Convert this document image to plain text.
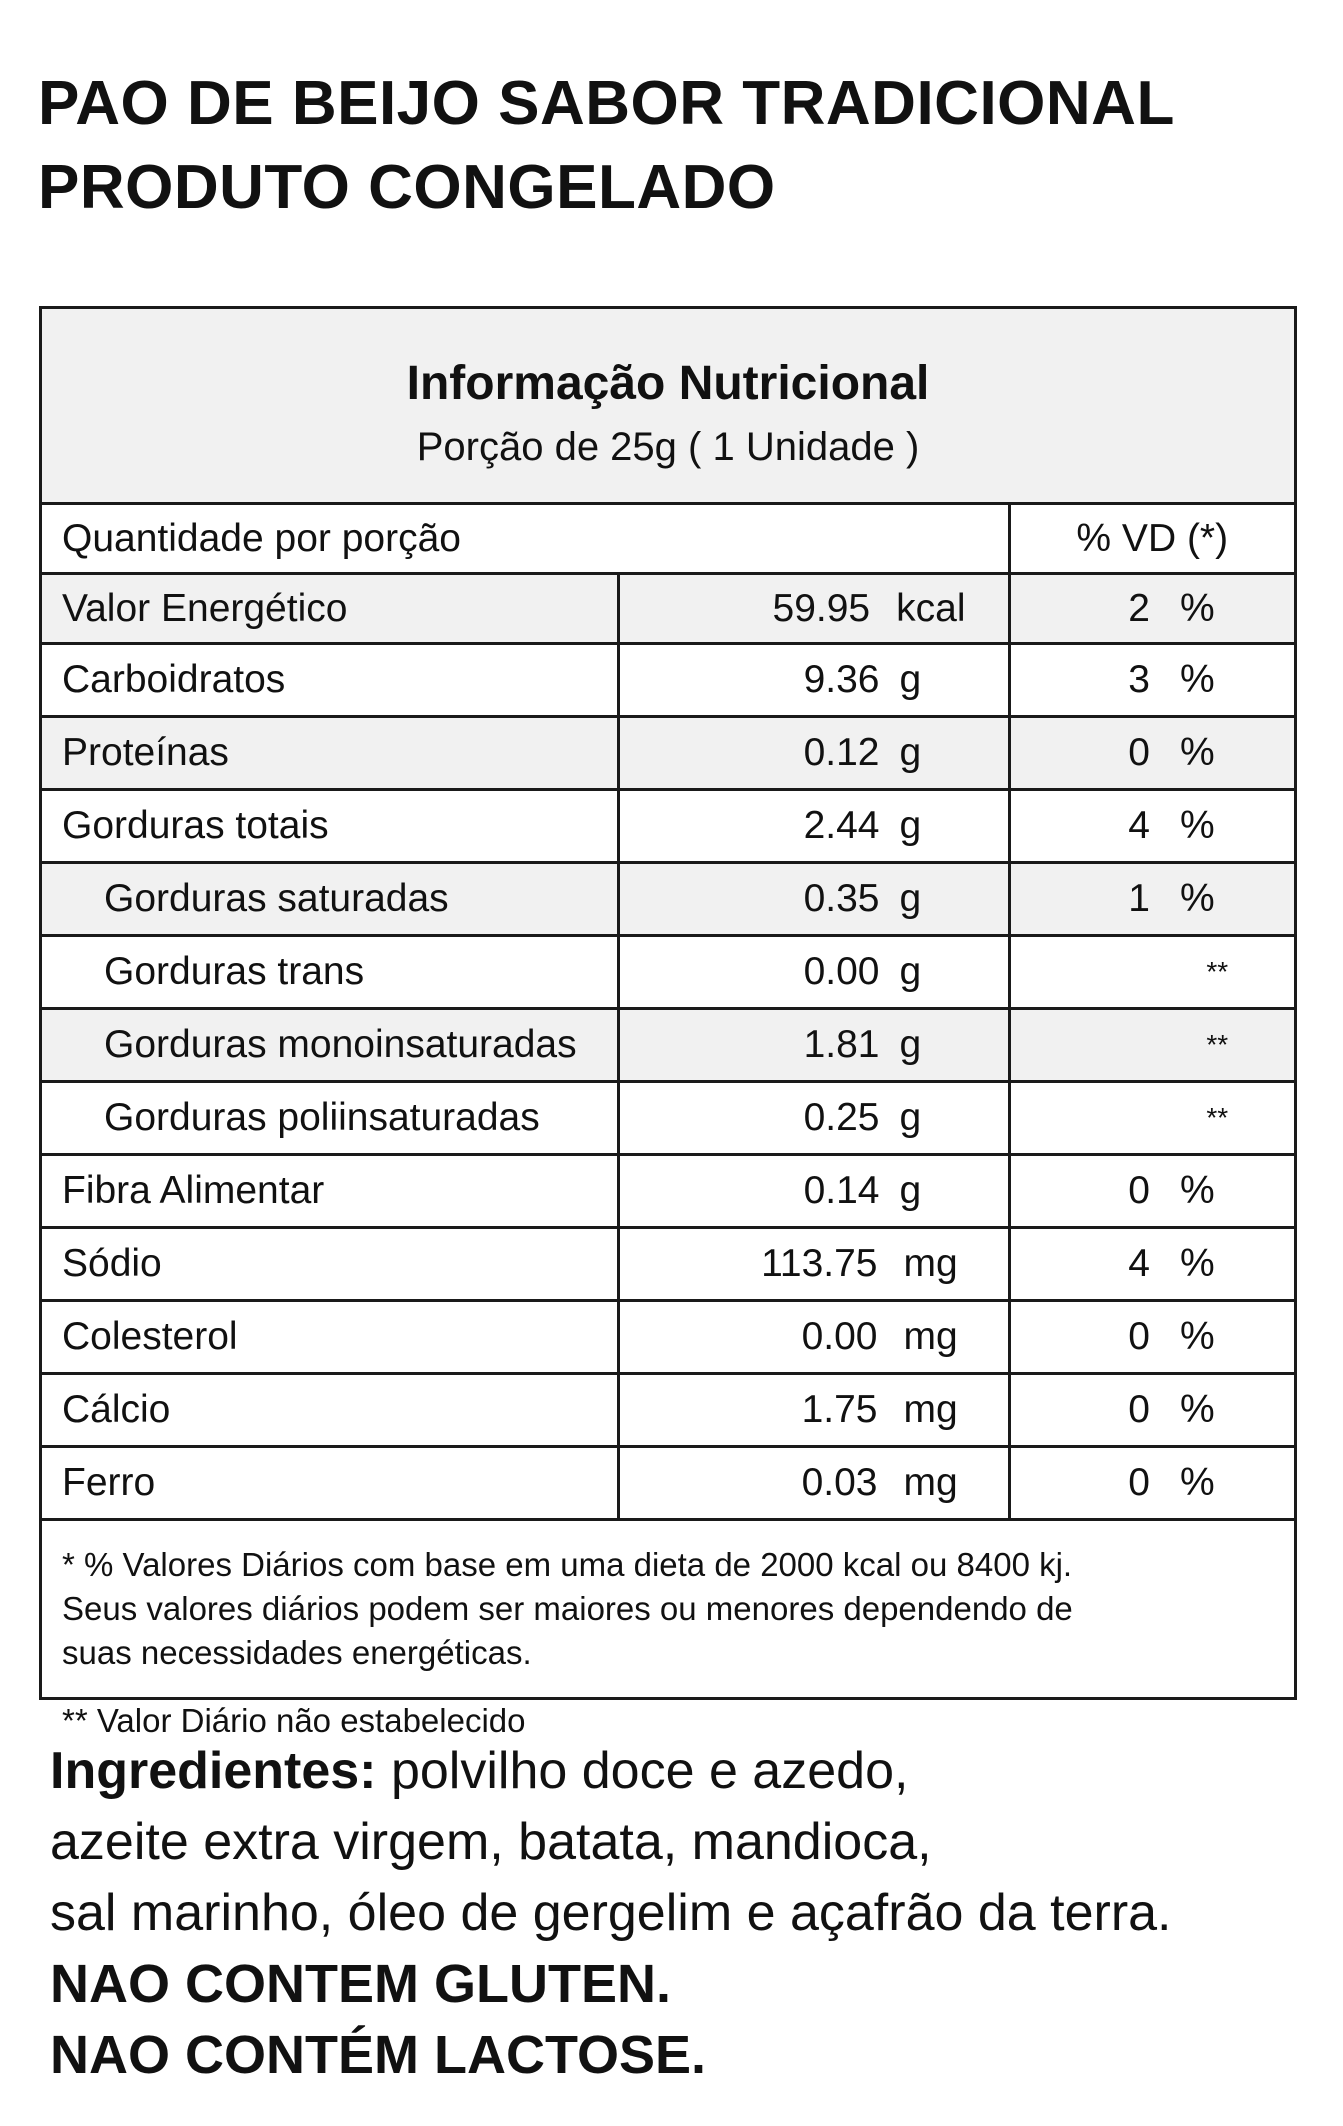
PAO DE BEIJO SABOR TRADICIONAL
PRODUTO CONGELADO
Informação Nutricional
Porção de 25g ( 1 Unidade )
Quantidade por porção	% VD (*)
Valor Energético	59.95 kcal	2 %

Carboidratos	9.36 g	3 %

Proteínas	0.12 g	0 %

Gorduras totais	2.44 g	4 %

Gorduras saturadas	0.35 g	1 %

Gorduras trans	0.00 g	**

Gorduras monoinsaturadas	1.81 g	**

Gorduras poliinsaturadas	0.25 g	**

Fibra Alimentar	0.14 g	0 %

Sódio	113.75 mg	4 %

Colesterol	0.00 mg	0 %

Cálcio	1.75 mg	0 %

Ferro	0.03 mg	0 %
* % Valores Diários com base em uma dieta de 2000 kcal ou 8400 kj.
Seus valores diários podem ser maiores ou menores dependendo de
suas necessidades energéticas.
** Valor Diário não estabelecido
Ingredientes: polvilho doce e azedo,
azeite extra virgem, batata, mandioca,
sal marinho, óleo de gergelim e açafrão da terra.
NAO CONTEM GLUTEN.
NAO CONTÉM LACTOSE.
